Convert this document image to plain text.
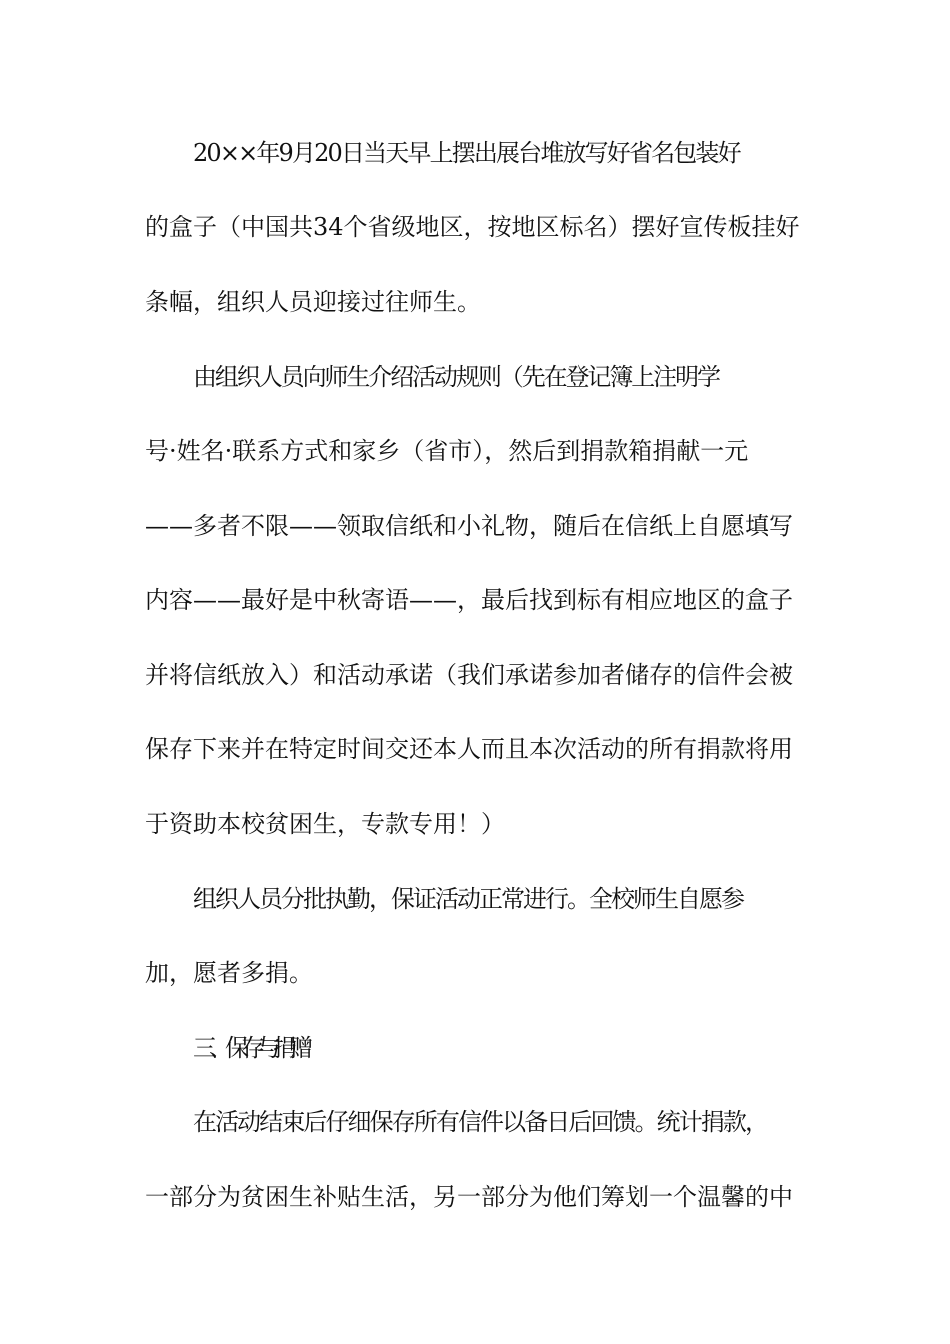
20××年9月20日当天早上摆出展台堆放写好省名包装好
的盒子（中国共34个省级地区，按地区标名）摆好宣传板挂好
条幅，组织人员迎接过往师生。
由组织人员向师生介绍活动规则（先在登记簿上注明学
号·姓名·联系方式和家乡（省市），然后到捐款箱捐献一元
——多者不限——领取信纸和小礼物，随后在信纸上自愿填写
内容——最好是中秋寄语——，最后找到标有相应地区的盒子
并将信纸放入）和活动承诺（我们承诺参加者储存的信件会被
保存下来并在特定时间交还本人而且本次活动的所有捐款将用
于资助本校贫困生，专款专用！）
组织人员分批执勤，保证活动正常进行。全校师生自愿参
加，愿者多捐。
三、保存与捐赠
在活动结束后仔细保存所有信件以备日后回馈。统计捐款，
一部分为贫困生补贴生活，另一部分为他们筹划一个温馨的中
